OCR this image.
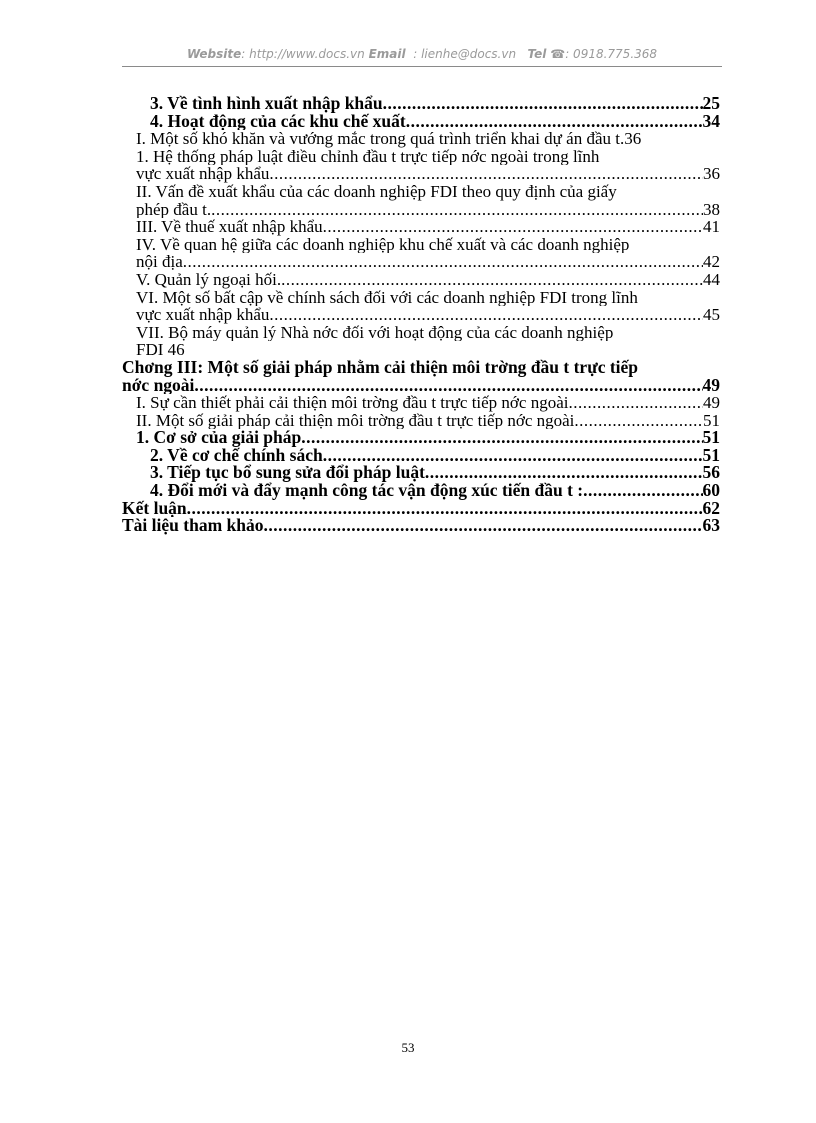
Website: http://www.docs.vn Email : lienhe@docs.vn Tel ☎: 0918.775.368
3. Về tình hình xuất nhập khẩu .....	25
4. Hoạt động của các khu chế xuất .....	34
I. Một số khó khăn và vướng mắc trong quá trình triển khai dự án đầu t .36
1. Hệ thống pháp luật điều chỉnh đầu t trực tiếp nớc ngoài trong lĩnh
vực xuất nhập khẩu .....	36
II. Vấn đề xuất khẩu của các doanh nghiệp FDI theo quy định của giấy
phép đầu t. .....	38
III. Về thuế xuất nhập khẩu .....	41
IV. Về quan hệ giữa các doanh nghiệp khu chế xuất và các doanh nghiệp
nội địa .....	42
V. Quản lý ngoại hối. .....	44
VI. Một số bất cập về chính sách đối với các doanh nghiệp FDI trong lĩnh
vực xuất nhập khẩu .....	45
VII. Bộ máy quản lý Nhà nớc đối với hoạt động của các doanh nghiệp
FDI 46
Chơng III: Một số giải pháp nhằm cải thiện môi trờng đầu t trực tiếp
nớc ngoài .....	49
I. Sự cần thiết phải cải thiện môi trờng đầu t trực tiếp nớc ngoài .....	49
II. Một số giải pháp cải thiện môi trờng đầu t trực tiếp nớc ngoài .....	51
1. Cơ sở của giải pháp .....	51
2. Về cơ chế chính sách .....	51
3. Tiếp tục bổ sung sửa đổi pháp luật .....	56
4. Đổi mới và đẩy mạnh công tác vận động xúc tiến đầu t : .....	60
Kết luận .....	62
Tài liệu tham khảo .....	63
53
